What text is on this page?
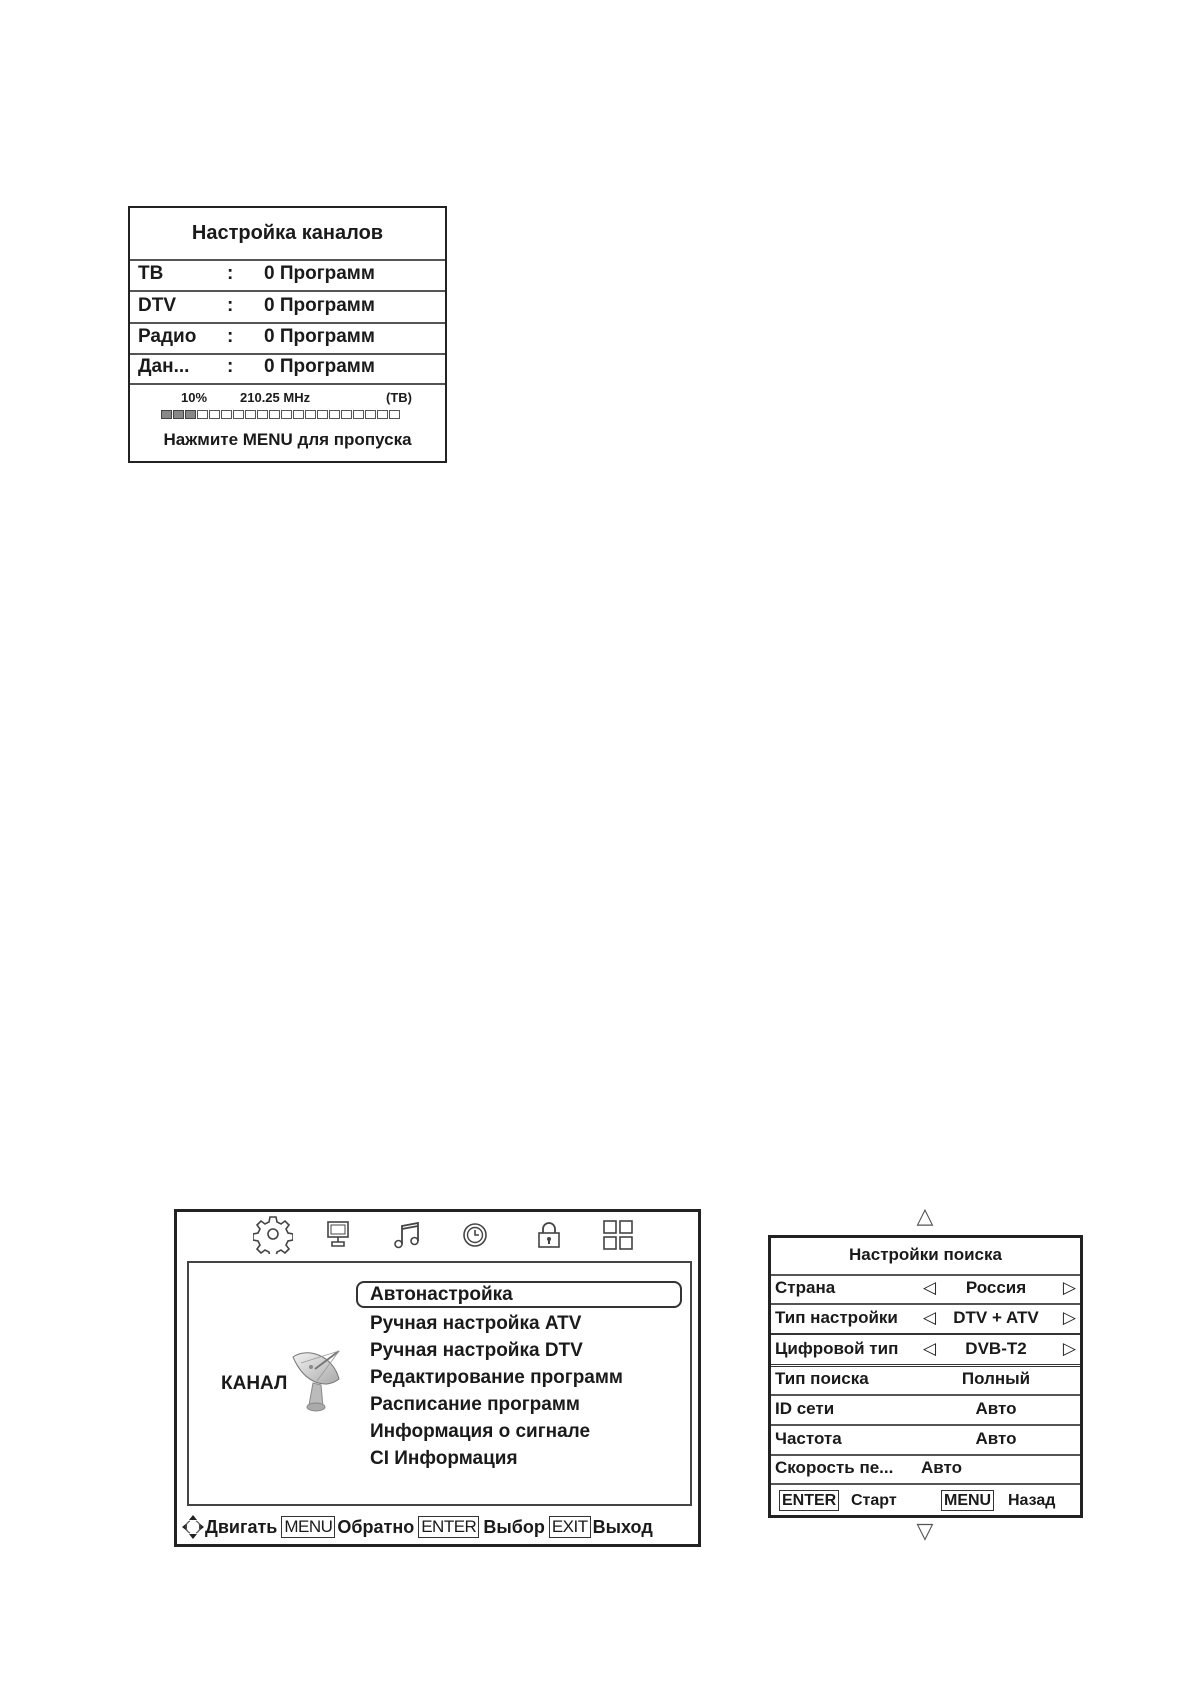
Настройка каналов
ТВ	: 0 Программ
DTV	: 0 Программ
Радио : 0 Программ
Дан... : 0 Программ
10%	210.25 MHz	(ТВ)
Нажмите MENU для пропуска
КАНАЛ
Автонастройка
Ручная настройка ATV
Ручная настройка DTV
Редактирование программ
Расписание программ
Информация о сигнале
CI Информация
Двигать MENU Обратно ENTER Выбор EXIT Выход
△
Настройки поиска
Страна	◁	Россия	▷
Тип настройки ◁	DTV + ATV	▷
Цифровой тип ◁	DVB-T2	▷
Тип поиска	Полный
ID сети	Авто
Частота	Авто
Скорость пе... Авто
ENTER Старт	MENU Назад
▽
